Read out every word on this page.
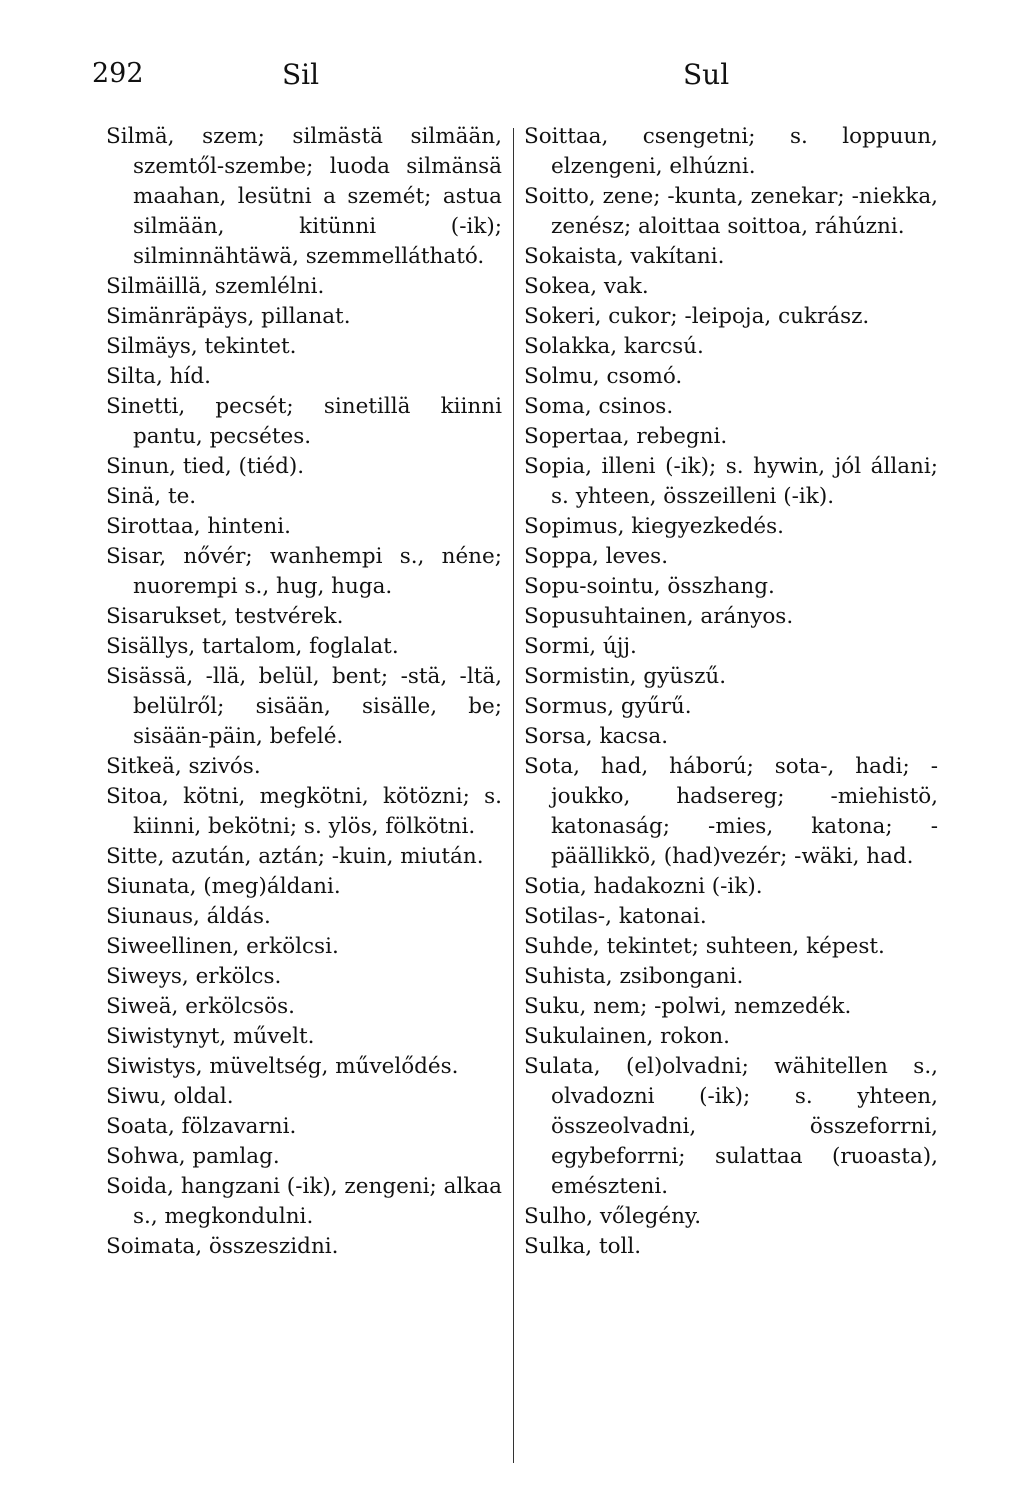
292	Sil	Sul
Silmä, szem; silmästä silmään, szemtől-szembe; luoda silmänsä maahan, lesütni a szemét; astua silmään, kitünni (-ik); silminnähtäwä, szemmellátható.
Silmäillä, szemlélni.
Simänräpäys, pillanat.
Silmäys, tekintet.
Silta, híd.
Sinetti, pecsét; sinetillä kiinni pantu, pecsétes.
Sinun, tied, (tiéd).
Sinä, te.
Sirottaa, hinteni.
Sisar, nővér; wanhempi s., néne; nuorempi s., hug, huga.
Sisarukset, testvérek.
Sisällys, tartalom, foglalat.
Sisässä, -llä, belül, bent; -stä, -ltä, belülről; sisään, sisälle, be; sisään-päin, befelé.
Sitkeä, szivós.
Sitoa, kötni, megkötni, kötözni; s. kiinni, bekötni; s. ylös, fölkötni.
Sitte, azután, aztán; -kuin, miután.
Siunata, (meg)áldani.
Siunaus, áldás.
Siweellinen, erkölcsi.
Siweys, erkölcs.
Siweä, erkölcsös.
Siwistynyt, művelt.
Siwistys, müveltség, művelődés.
Siwu, oldal.
Soata, fölzavarni.
Sohwa, pamlag.
Soida, hangzani (-ik), zengeni; alkaa s., megkondulni.
Soimata, összeszidni.
Soittaa, csengetni; s. loppuun, elzengeni, elhúzni.
Soitto, zene; -kunta, zenekar; -niekka, zenész; aloittaa soittoa, ráhúzni.
Sokaista, vakítani.
Sokea, vak.
Sokeri, cukor; -leipoja, cukrász.
Solakka, karcsú.
Solmu, csomó.
Soma, csinos.
Sopertaa, rebegni.
Sopia, illeni (-ik); s. hywin, jól állani; s. yhteen, összeilleni (-ik).
Sopimus, kiegyezkedés.
Soppa, leves.
Sopu-sointu, összhang.
Sopusuhtainen, arányos.
Sormi, újj.
Sormistin, gyüszű.
Sormus, gyűrű.
Sorsa, kacsa.
Sota, had, háború; sota-, hadi; -joukko, hadsereg; -miehistö, katonaság; -mies, katona; -päällikkö, (had)vezér; -wäki, had.
Sotia, hadakozni (-ik).
Sotilas-, katonai.
Suhde, tekintet; suhteen, képest.
Suhista, zsibongani.
Suku, nem; -polwi, nemzedék.
Sukulainen, rokon.
Sulata, (el)olvadni; wähitellen s., olvadozni (-ik); s. yhteen, összeolvadni, összeforrni, egybeforrni; sulattaa (ruoasta), emészteni.
Sulho, vőlegény.
Sulka, toll.
